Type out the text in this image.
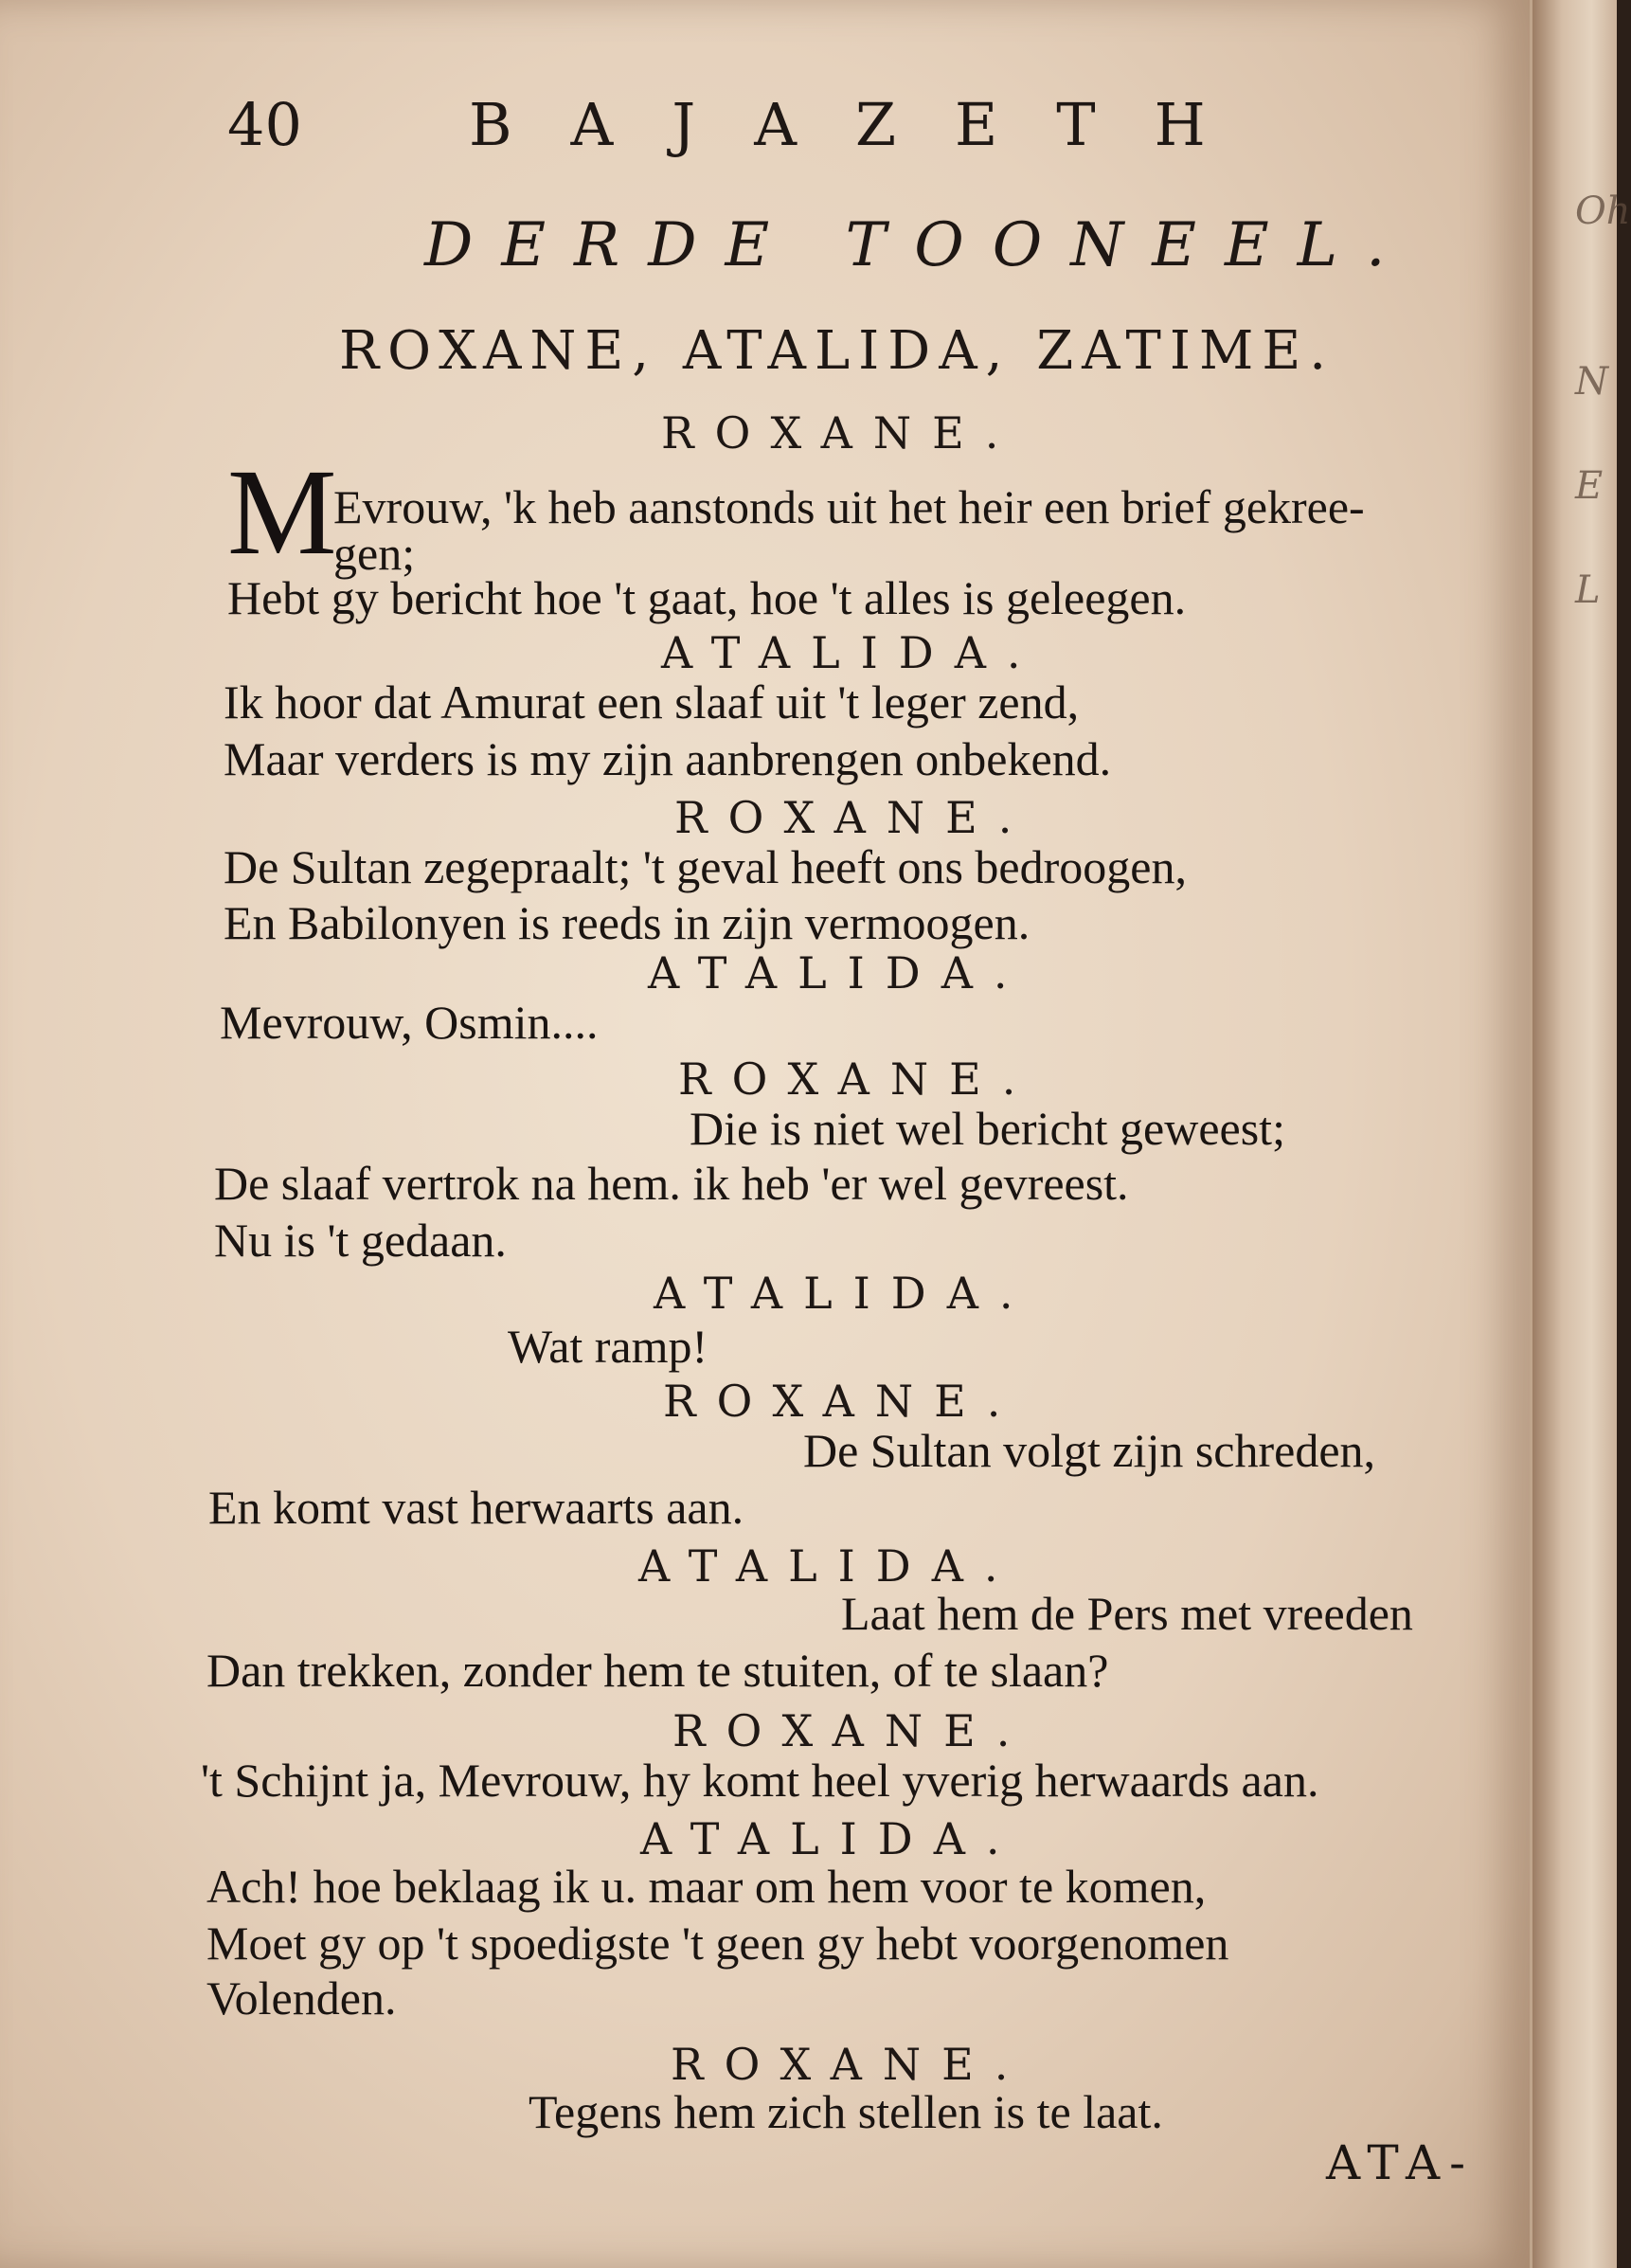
40	BAJAZETH
DERDE TOONEEL.
ROXANE, ATALIDA, ZATIME.
ROXANE.
M
Evrouw, 'k heb aanstonds uit het heir een brief gekree-
gen;
Hebt gy bericht hoe 't gaat, hoe 't alles is geleegen.
ATALIDA.
Ik hoor dat Amurat een slaaf uit 't leger zend,
Maar verders is my zijn aanbrengen onbekend.
ROXANE.
De Sultan zegepraalt; 't geval heeft ons bedroogen,
En Babilonyen is reeds in zijn vermoogen.
ATALIDA.
Mevrouw, Osmin....
ROXANE.
Die is niet wel bericht geweest;
De slaaf vertrok na hem. ik heb 'er wel gevreest.
Nu is 't gedaan.
ATALIDA.
Wat ramp!
ROXANE.
De Sultan volgt zijn schreden,
En komt vast herwaarts aan.
ATALIDA.
Laat hem de Pers met vreeden
Dan trekken, zonder hem te stuiten, of te slaan?
ROXANE.
't Schijnt ja, Mevrouw, hy komt heel yverig herwaards aan.
ATALIDA.
Ach! hoe beklaag ik u. maar om hem voor te komen,
Moet gy op 't spoedigste 't geen gy hebt voorgenomen
Volenden.
ROXANE.
Tegens hem zich stellen is te laat.
ATA-
Oh
N
E
L
